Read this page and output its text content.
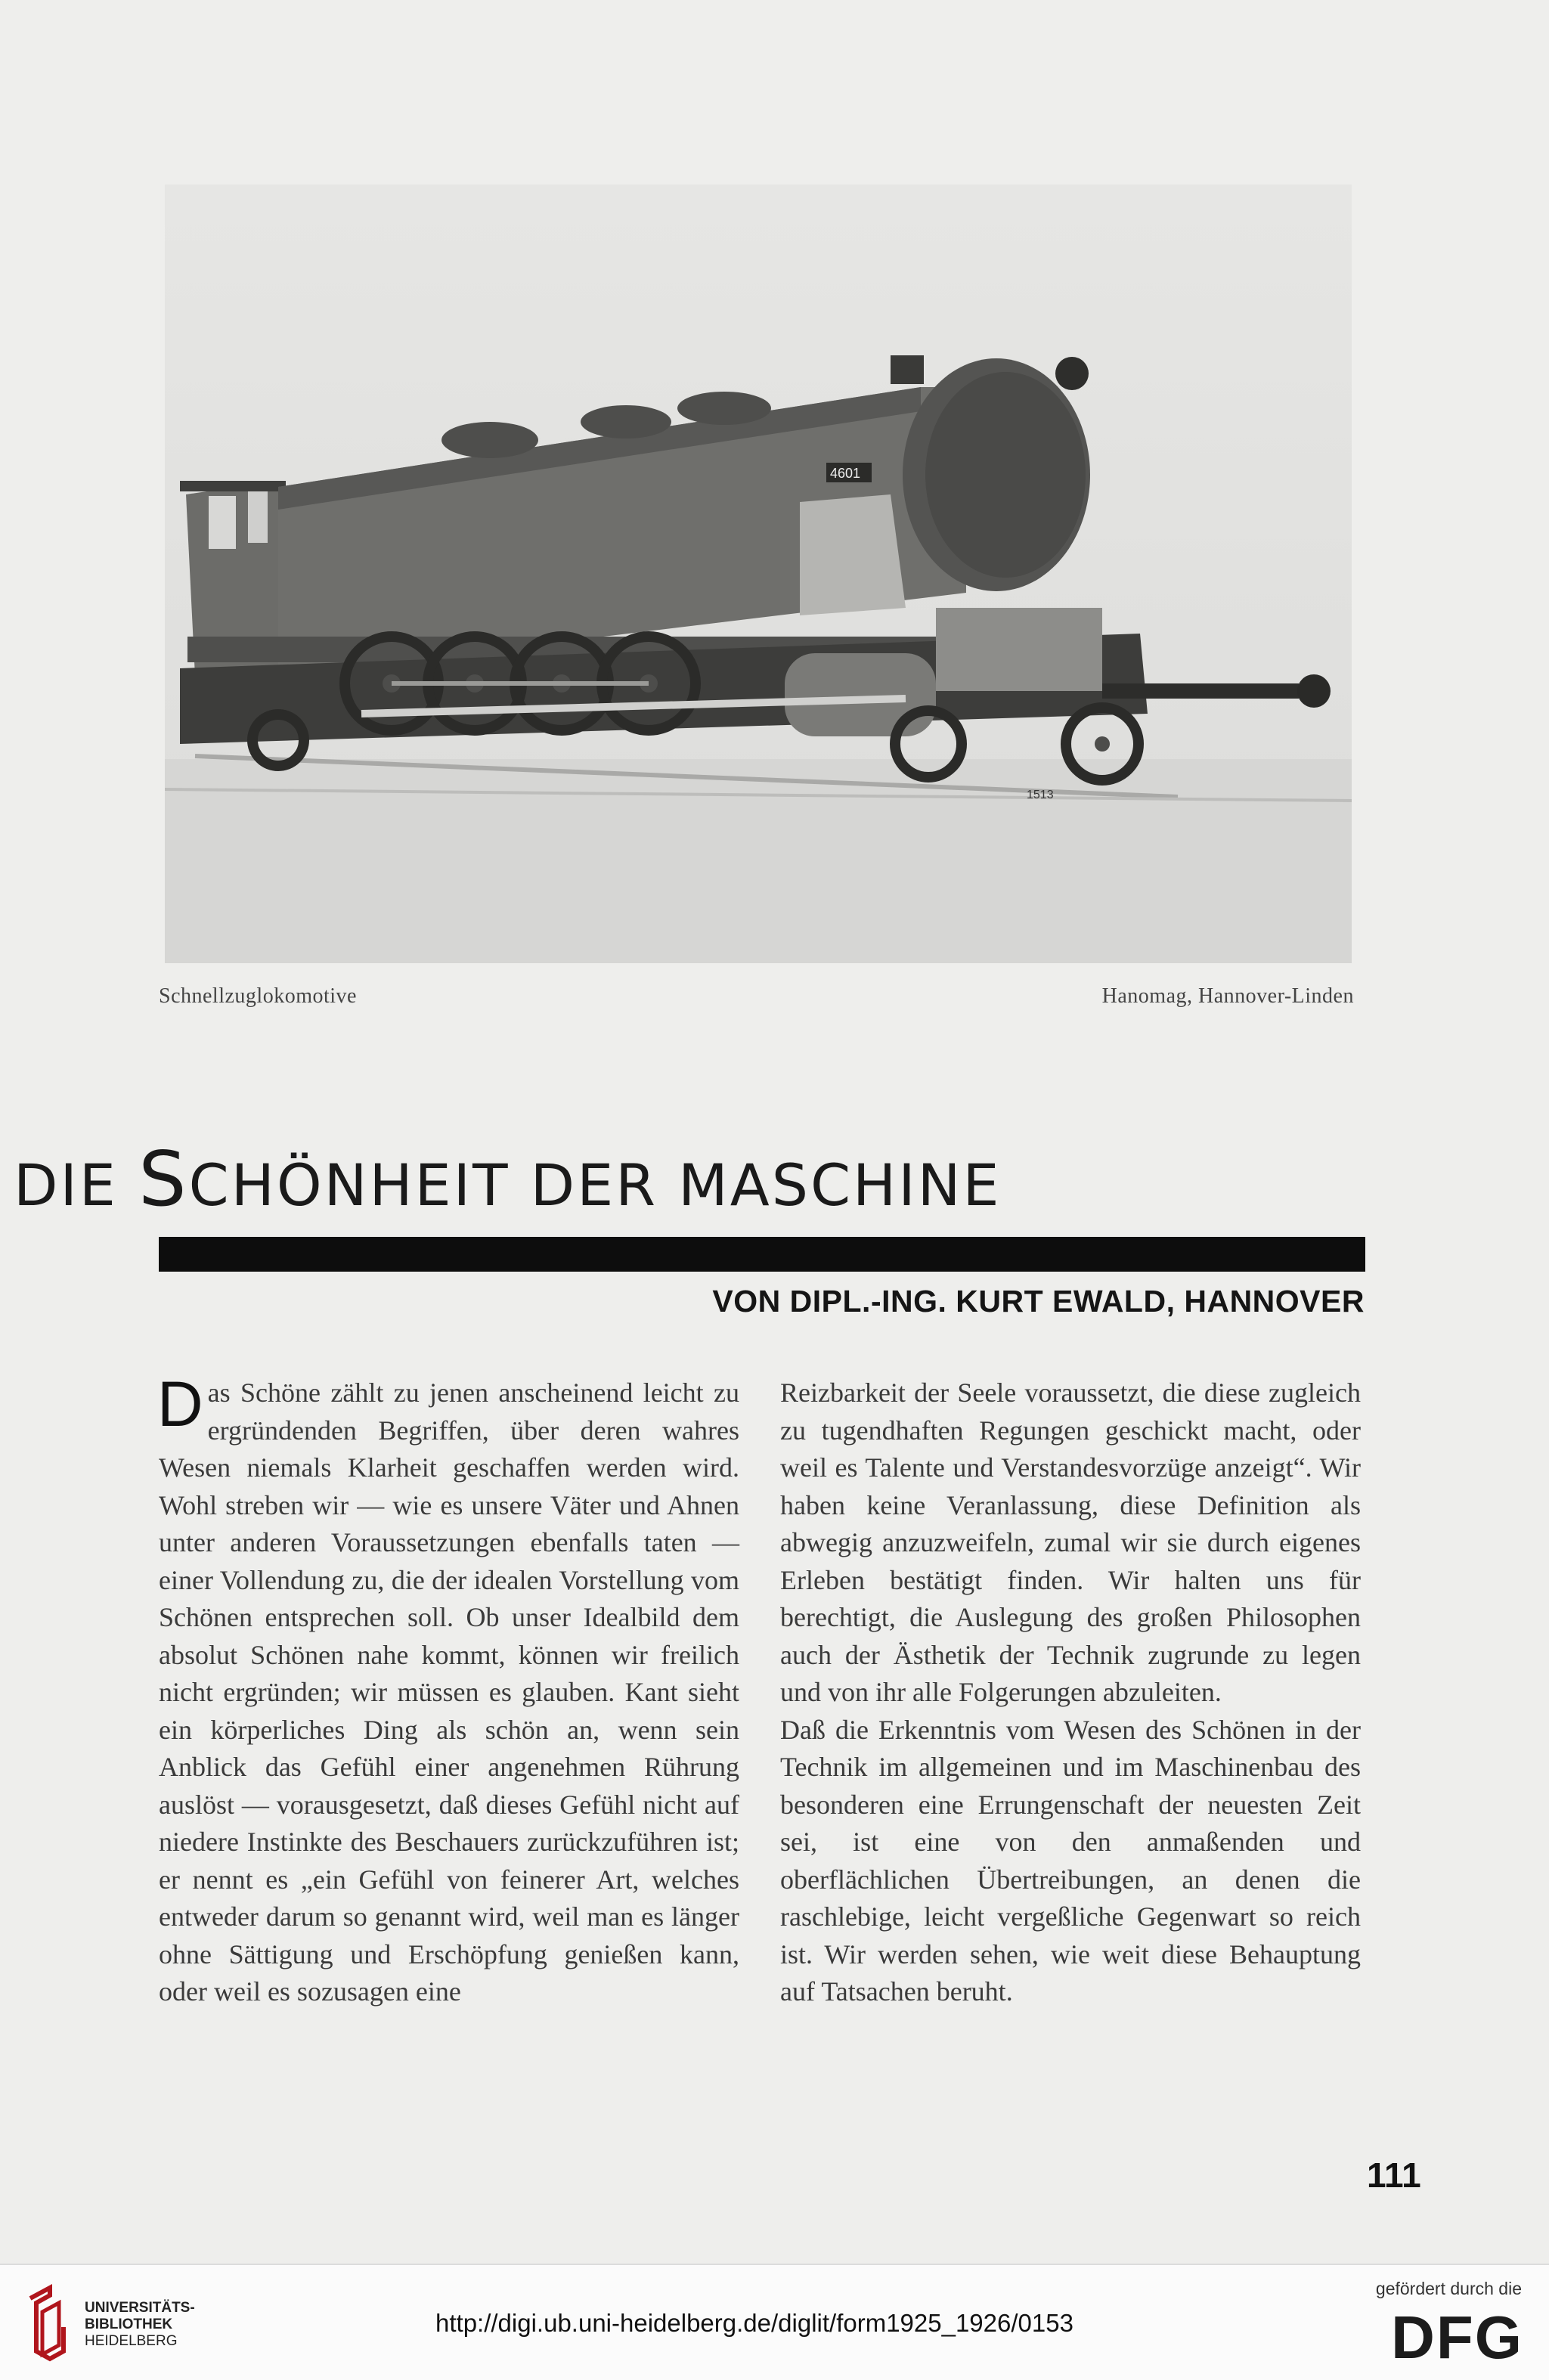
4601
1513
Schnellzuglokomotive	Hanomag, Hannover-Linden
DIE SCHÖNHEIT DER MASCHINE
VON DIPL.-ING. KURT EWALD, HANNOVER

Das Schöne zählt zu jenen anscheinend leicht zu ergründenden Begriffen, über deren wahres Wesen niemals Klarheit geschaffen werden wird. Wohl streben wir — wie es unsere Väter und Ahnen unter anderen Voraussetzungen ebenfalls taten — einer Vollendung zu, die der idealen Vorstellung vom Schönen entsprechen soll. Ob unser Idealbild dem absolut Schönen nahe kommt, können wir freilich nicht ergründen; wir müssen es glauben. Kant sieht ein körperliches Ding als schön an, wenn sein Anblick das Gefühl einer angenehmen Rührung auslöst — vorausgesetzt, daß dieses Gefühl nicht auf niedere Instinkte des Beschauers zurückzuführen ist; er nennt es „ein Gefühl von feinerer Art, welches entweder darum so genannt wird, weil man es länger ohne Sättigung und Erschöpfung genießen kann, oder weil es sozusagen eine

Reizbarkeit der Seele voraussetzt, die diese zugleich zu tugendhaften Regungen geschickt macht, oder weil es Talente und Verstandesvorzüge anzeigt“. Wir haben keine Veranlassung, diese Definition als abwegig anzuzweifeln, zumal wir sie durch eigenes Erleben bestätigt finden. Wir halten uns für berechtigt, die Auslegung des großen Philosophen auch der Ästhetik der Technik zugrunde zu legen und von ihr alle Folgerungen abzuleiten.

Daß die Erkenntnis vom Wesen des Schönen in der Technik im allgemeinen und im Maschinenbau des besonderen eine Errungenschaft der neuesten Zeit sei, ist eine von den anmaßenden und oberflächlichen Übertreibungen, an denen die raschlebige, leicht vergeßliche Gegenwart so reich ist. Wir werden sehen, wie weit diese Behauptung auf Tatsachen beruht.

111
UNIVERSITÄTS-
BIBLIOTHEK
HEIDELBERG
http://digi.ub.uni-heidelberg.de/diglit/form1925_1926/0153
gefördert durch die
DFG
